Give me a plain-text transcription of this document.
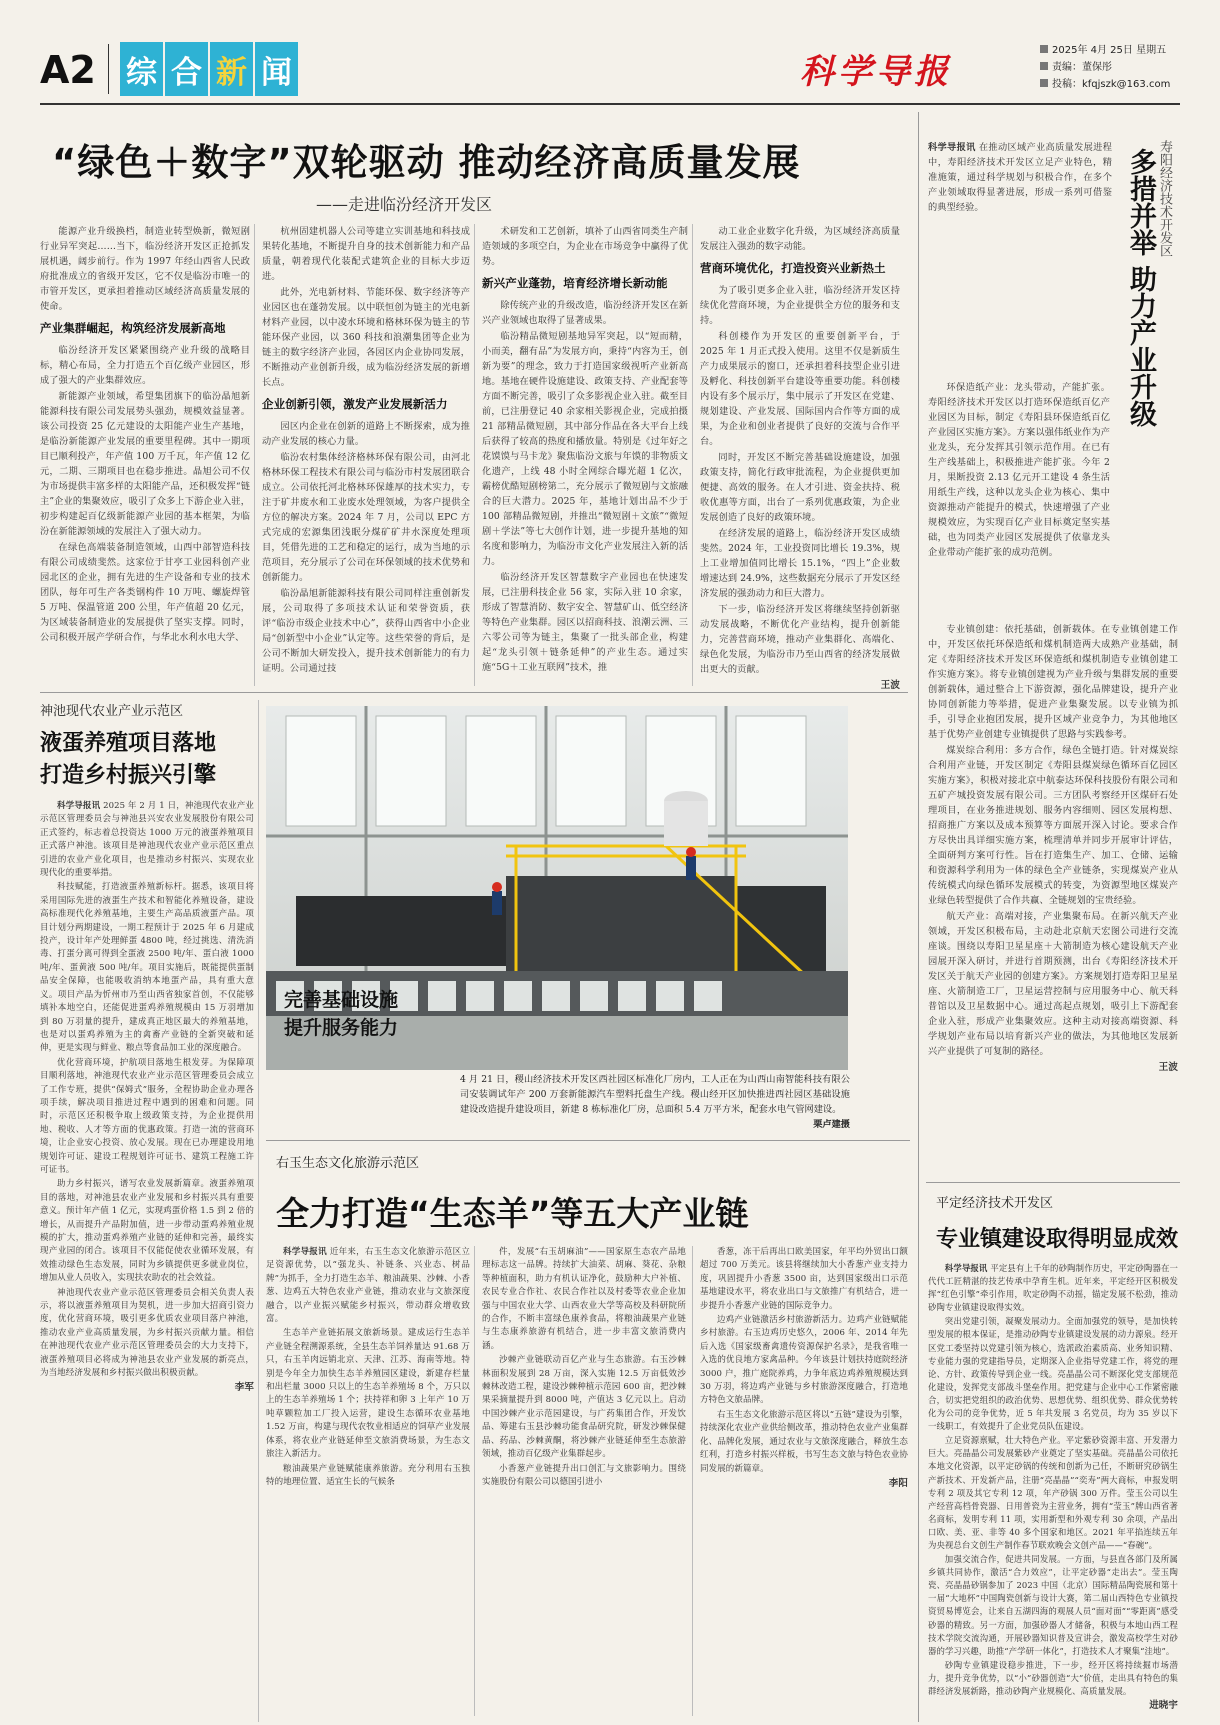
A2 综 合 新 闻	科学导报
2025年 4月 25日 星期五
责编：董保彤
投稿：kfqjszk@163.com
“绿色＋数字”双轮驱动 推动经济高质量发展
——走进临汾经济开发区

能源产业升级换档，制造业转型焕新，微短剧行业异军突起……当下，临汾经济开发区正抢抓发展机遇，阔步前行。作为 1997 年经山西省人民政府批准成立的省级开发区，它不仅是临汾市唯一的市管开发区，更承担着推动区域经济高质量发展的使命。

产业集群崛起，构筑经济发展新高地

临汾经济开发区紧紧围绕产业升级的战略目标，精心布局，全力打造五个百亿级产业园区，形成了强大的产业集群效应。

新能源产业领域，希望集团旗下的临汾晶旭新能源科技有限公司发展势头强劲，规模效益显著。该公司投资 25 亿元建设的太阳能产业生产基地，是临汾新能源产业发展的重要里程碑。其中一期项目已顺利投产，年产值 100 万千瓦，年产值 12 亿元，二期、三期项目也在稳步推进。晶旭公司不仅为市场提供丰富多样的太阳能产品，还积极发挥“链主”企业的集聚效应，吸引了众多上下游企业入驻，初步构建起百亿级新能源产业园的基本框架，为临汾在新能源领域的发展注入了强大动力。

在绿色高端装备制造领域，山西中部智造科技有限公司成绩斐然。这家位于甘亭工业园科创产业园北区的企业，拥有先进的生产设备和专业的技术团队，每年可生产各类钢构件 10 万吨、螺旋焊管 5 万吨、保温管道 200 公里，年产值超 20 亿元，为区域装备制造业的发展提供了坚实支撑。同时，公司积极开展产学研合作，与华北水利水电大学、

杭州固建机器人公司等建立实训基地和科技成果转化基地，不断提升自身的技术创新能力和产品质量，朝着现代化装配式建筑企业的目标大步迈进。

此外，光电新材料、节能环保、数字经济等产业园区也在蓬勃发展。以中联恒创为链主的光电新材料产业园，以中凌水环境和格林环保为链主的节能环保产业园，以 360 科技和浪潮集团等企业为链主的数字经济产业园，各园区内企业协同发展，不断推动产业创新升级，成为临汾经济发展的新增长点。

企业创新引领，激发产业发展新活力

园区内企业在创新的道路上不断探索，成为推动产业发展的核心力量。

临汾农村集体经济格林环保有限公司，由河北格林环保工程技术有限公司与临汾市村发展团联合成立。公司依托河北格林环保雄厚的技术实力，专注于矿井废水和工业废水处理领域，为客户提供全方位的解决方案。2024 年 7 月，公司以 EPC 方式完成的宏源集团浅眠分煤矿矿井水深度处理项目，凭借先进的工艺和稳定的运行，成为当地的示范项目，充分展示了公司在环保领域的技术优势和创新能力。

临汾晶旭新能源科技有限公司同样注重创新发展，公司取得了多项技术认证和荣誉资质，获评“临汾市级企业技术中心”，获得山西省中小企业局“创新型中小企业”认定等。这些荣誉的背后，是公司不断加大研发投入，提升技术创新能力的有力证明。公司通过技

术研发和工艺创新，填补了山西省同类生产制造领域的多项空白，为企业在市场竞争中赢得了优势。

新兴产业蓬勃，培育经济增长新动能

除传统产业的升级改造，临汾经济开发区在新兴产业领域也取得了显著成果。

临汾精品微短剧基地异军突起，以“短而精，小而美，翻有品”为发展方向，秉持“内容为王，创新为要”的理念，致力于打造国家级视听产业新高地。基地在硬件设施建设、政策支持、产业配套等方面不断完善，吸引了众多影视企业入驻。截至目前，已注册登记 40 余家相关影视企业，完成拍摄 21 部精品微短剧，其中部分作品在各大平台上线后获得了较高的热度和播放量。特别是《过年好之花馍馍与马卡龙》聚焦临汾文旅与年馍的非物质文化遗产，上线 48 小时全网综合曝光超 1 亿次，霸榜优酷短剧榜第二，充分展示了微短剧与文旅融合的巨大潜力。2025 年，基地计划出品不少于 100 部精品微短剧，并推出“微短剧＋文旅”“微短剧＋学法”等七大创作计划，进一步提升基地的知名度和影响力，为临汾市文化产业发展注入新的活力。

临汾经济开发区智慧数字产业园也在快速发展，已注册科技企业 56 家，实际入驻 10 余家，形成了智慧消防、数字安全、智慧矿山、低空经济等特色产业集群。园区以招商科技、浪潮云洲、三六零公司等为链主，集聚了一批头部企业，构建起“龙头引领＋链条延伸”的产业生态。通过实施“5G＋工业互联网”技术，推

动工业企业数字化升级，为区域经济高质量发展注入强劲的数字动能。

营商环境优化，打造投资兴业新热土

为了吸引更多企业入驻，临汾经济开发区持续优化营商环境，为企业提供全方位的服务和支持。

科创楼作为开发区的重要创新平台，于 2025 年 1 月正式投入使用。这里不仅是新质生产力成果展示的窗口，还承担着科技型企业引进及孵化、科技创新平台建设等重要功能。科创楼内设有多个展示厅，集中展示了开发区在党建、规划建设、产业发展、国际国内合作等方面的成果，为企业和创业者提供了良好的交流与合作平台。

同时，开发区不断完善基础设施建设，加强政策支持，简化行政审批流程，为企业提供更加便捷、高效的服务。在人才引进、资金扶持、税收优惠等方面，出台了一系列优惠政策，为企业发展创造了良好的政策环境。

在经济发展的道路上，临汾经济开发区成绩斐然。2024 年，工业投资同比增长 19.3%，规上工业增加值同比增长 15.1%，“四上”企业数增速达到 24.9%，这些数据充分展示了开发区经济发展的强劲动力和巨大潜力。

下一步，临汾经济开发区将继续坚持创新驱动发展战略，不断优化产业结构，提升创新能力，完善营商环境，推动产业集群化、高端化、绿色化发展，为临汾市乃至山西省的经济发展做出更大的贡献。

王波

科学导报讯 在推动区域产业高质量发展进程中，寿阳经济技术开发区立足产业特色，精准施策，通过科学规划与积极合作，在多个产业领域取得显著进展，形成一系列可借鉴的典型经验。	寿阳经济技术开发区
多措并举 助力产业升级

环保造纸产业：龙头带动，产能扩张。寿阳经济技术开发区以打造环保造纸百亿产业园区为目标，制定《寿阳县环保造纸百亿产业园区实施方案》。方案以强伟纸业作为产业龙头，充分发挥其引领示范作用。在已有生产线基础上，积极推进产能扩张。今年 2 月，果断投资 2.13 亿元开工建设 4 条生活用纸生产线，这种以龙头企业为核心、集中资源推动产能提升的模式，快速增强了产业规模效应，为实现百亿产业目标奠定坚实基础，也为同类产业园区发展提供了依靠龙头企业带动产能扩张的成功范例。

专业镇创建：依托基础，创新载体。在专业镇创建工作中，开发区依托环保造纸和煤机制造两大成熟产业基础，制定《寿阳经济技术开发区环保造纸和煤机制造专业镇创建工作实施方案》。将专业镇创建视为产业升级与集群发展的重要创新载体，通过整合上下游资源，强化品牌建设，提升产业协同创新能力等举措，促进产业集聚发展。以专业镇为抓手，引导企业抱团发展，提升区域产业竞争力，为其他地区基于优势产业创建专业镇提供了思路与实践参考。

煤炭综合利用：多方合作，绿色全链打造。针对煤炭综合利用产业链，开发区制定《寿阳县煤炭绿色循环百亿园区实施方案》，积极对接北京中航泰达环保科技股份有限公司和五矿产城投资发展有限公司。三方团队考察经开区煤矸石处理项目，在业务推进规划、服务内容细则、园区发展构想、招商推广方案以及成本预算等方面展开深入讨论。要求合作方尽快出具详细实施方案，梳理清单并同步开展审计评估，全面研判方案可行性。旨在打造集生产、加工、仓储、运输和资源科学利用为一体的绿色全产业链条，实现煤炭产业从传统模式向绿色循环发展模式的转变，为资源型地区煤炭产业绿色转型提供了合作共赢、全链规划的宝贵经验。

航天产业：高端对接，产业集聚布局。在新兴航天产业领域，开发区积极布局，主动赴北京航天宏图公司进行交流座谈。围绕以寿阳卫星星座＋大箭制造为核心建设航天产业园展开深入研讨，并进行首期预测，出台《寿阳经济技术开发区关于航天产业园的创建方案》。方案规划打造寿阳卫星星座、火箭制造工厂，卫星运营控制与应用服务中心、航天科普馆以及卫星数据中心。通过高起点规划，吸引上下游配套企业入驻，形成产业集聚效应。这种主动对接高端资源、科学规划产业布局以培育新兴产业的做法，为其他地区发展新兴产业提供了可复制的路径。

王波
平定经济技术开发区
专业镇建设取得明显成效

科学导报讯 平定县有上千年的砂陶制作历史，平定砂陶器在一代代工匠精湛的技艺传承中孕育生机。近年来，平定经开区积极发挥“红色引擎”牵引作用，吹定砂陶不动摇，锚定发展不松劲，推动砂陶专业镇建设取得实效。

突出党建引领，凝聚发展动力。全面加强党的领导，是加快转型发展的根本保证，是推动砂陶专业镇建设发展的动力源泉。经开区党工委坚持以党建引领为核心，选派政治素质高、业务知识精、专业能力强的党建指导员，定期深入企业指导党建工作，将党的理论、方针、政策传导到企业一线。亮晶晶公司不断深化党支部规范化建设，发挥党支部战斗堡垒作用。把党建与企业中心工作紧密融合，切实把党组织的政治优势、思想优势、组织优势、群众优势转化为公司的竞争优势，近 5 年共发展 3 名党员，均为 35 岁以下一线职工，有效提升了企业党员队伍建设。

立足资源禀赋，壮大特色产业。平定紫砂资源丰富、开发潜力巨大。亮晶晶公司发展紫砂产业奠定了坚实基础。亮晶晶公司依托本地文化资源，以平定砂锅的传统和创新为己任，不断研究砂锅生产新技术、开发新产品，注册“亮晶晶”“奕寿”两大商标，申报发明专利 2 项及其它专利 12 项，年产砂锅 300 万件。莹玉公司以生产经营高档骨瓷器、日用普瓷为主营业务，拥有“莹玉”牌山西省著名商标，发明专利 11 项，实用新型和外观专利 30 余项，产品出口欧、美、亚、非等 40 多个国家和地区。2021 年平掐连续五年为央视总台文创生产制作春节联欢晚会文创产品——“春碗”。

加强交流合作，促进共同发展。一方面，与县直各部门及所属乡镇共同协作，激活“合力效应”，让平定砂器“走出去”。莹玉陶瓷、亮晶晶砂锅参加了 2023 中国（北京）国际精品陶瓷展和第十一届“大地杯”中国陶瓷创新与设计大赛，第二届山西特色专业镇投资贸易博览会，让来自五湖四海的观展人员“面对面”“零距离”感受砂器的精致。另一方面，加强砂器人才储备，积极与本地山西工程技术学院交流沟通，开展砂器知识普及宣讲会，激发高校学生对砂器的学习兴趣，助推“产学研一体化”，打造技术人才聚集“洼地”。

砂陶专业镇建设稳步推进，下一步，经开区将持续掘市场潜力，提升竞争优势，以“小”砂器创造“大”价值，走出具有特色的集群经济发展新路，推动砂陶产业规模化、高质量发展。

进晓宇
神池现代农业产业示范区
液蛋养殖项目落地
打造乡村振兴引擎

科学导报讯 2025 年 2 月 1 日，神池现代农业产业示范区管理委员会与神池县兴安农业发展股份有限公司正式签约，标志着总投资达 1000 万元的液蛋养殖项目正式落户神池。该项目是神池现代农业产业示范区重点引进的农业产业化项目，也是推动乡村振兴、实现农业现代化的重要举措。

科技赋能，打造液蛋养殖新标杆。据悉，该项目将采用国际先进的液蛋生产技术和智能化养殖设备，建设高标准现代化养殖基地，主要生产高品质液蛋产品。项目计划分两期建设，一期工程预计于 2025 年 6 月建成投产，设计年产处理鲜蛋 4800 吨，经过挑选、清洗消毒、打蛋分离可得到全蛋液 2500 吨/年、蛋白液 1000 吨/年、蛋黄液 500 吨/年。项目实施后，既能提供蛋制品安全保障，也能吸收消纳本地蛋产品，具有重大意义。项目产品为忻州市乃至山西省独家首创，不仅能够填补本地空白，还能促进蛋鸡养殖规模由 15 万羽增加到 80 万羽量的提升，建成真正地区最大的养殖基地，也是对以蛋鸡养殖为主的禽畜产业链的全新突破和延伸，更是实现与鲜业、粮点等食品加工业的深度融合。

优化营商环境，护航项目落地生根发芽。为保障项目顺利落地，神池现代农业产业示范区管理委员会成立了工作专班，提供“保姆式”服务，全程协助企业办理各项手续，解决项目推进过程中遇到的困难和问题。同时，示范区还积极争取上级政策支持，为企业提供用地、税收、人才等方面的优惠政策。打造一流的营商环境，让企业安心投资、放心发展。现在已办理建设用地规划许可证、建设工程规划许可证书、建筑工程施工许可证书。

助力乡村振兴，谱写农业发展新篇章。液蛋养殖项目的落地，对神池县农业产业发展和乡村振兴具有重要意义。预计年产值 1 亿元，实现鸡蛋价格 1.5 到 2 倍的增长，从而提升产品附加值，进一步带动蛋鸡养殖业规模的扩大，推动蛋鸡养殖产业链的延伸和完善，最终实现产业园的闭合。该项目不仅能促使农业循环发展，有效推动绿色生态发展，同时为乡镇提供更多就业岗位，增加从业人员收入，实现扶农助农的社会效益。

神池现代农业产业示范区管理委员会相关负责人表示，将以液蛋养殖项目为契机，进一步加大招商引资力度，优化营商环境，吸引更多优质农业项目落户神池，推动农业产业高质量发展，为乡村振兴贡献力量。相信在神池现代农业产业示范区管理委员会的大力支持下，液蛋养殖项目必将成为神池县农业产业发展的新亮点，为当地经济发展和乡村振兴做出积极贡献。

李军
完善基础设施
提升服务能力
4 月 21 日，稷山经济技术开发区西社园区标准化厂房内，工人正在为山西山南智能科技有限公司安装调试年产 200 万套新能源汽车塑料托盘生产线。稷山经开区加快推进西社园区基础设施建设改造提升建设项目，新建 8 栋标准化厂房，总面积 5.4 万平方米，配套水电气管网建设。
栗卢建摄
右玉生态文化旅游示范区
全力打造“生态羊”等五大产业链

科学导报讯 近年来，右玉生态文化旅游示范区立足资源优势，以“强龙头、补链条、兴业态、树品牌”为抓手，全力打造生态羊、粮油蔬果、沙棘、小香葱、边鸡五大特色农业产业链，推动农业与文旅深度融合，以产业振兴赋能乡村振兴，带动群众增收致富。

生态羊产业链拓展文旅新场景。建成运行生态羊产业链全程溯源系统，全县生态羊饲养量达 91.68 万只，右玉羊肉远销北京、天津、江苏、海南等地。特别是今年全力加快生态羊养殖园区建设，新建存栏量和出栏量 3000 只以上的生态羊养殖场 8 个，万只以上的生态羊养殖场 1 个；扶持祥和卵 3 上年产 10 万吨草颗粒加工厂投入运营，建设生态循环农业基地 1.52 万亩，构建与现代农牧业相适应的饲草产业发展体系，将农业产业链延伸至文旅消费场景，为生态文旅注入新活力。

粮油蔬果产业链赋能康养旅游。充分利用右玉独特的地理位置、适宜生长的气候条

件，发展“右玉胡麻油”——国家原生态农产品地理标志这一品牌。持续扩大油菜、胡麻、葵花、杂粮等种植面积，助力有机认证净化，鼓励种大户补植、农民专业合作社、农民合作社以及村委等农业企业加强与中国农业大学、山西农业大学等高校及科研院所的合作，不断丰富绿色康养食品，将粮油蔬果产业链与生态康养旅游有机结合，进一步丰富文旅消费内涵。

沙棘产业链联动百亿产业与生态旅游。右玉沙棘林面积发展到 28 万亩，深入实施 12.5 万亩低效沙棘林改造工程，建设沙棘种植示范园 600 亩，把沙棘果采摘量提升到 8000 吨，产值达 3 亿元以上。启动中国沙棘产业示范园建设，与广药集团合作，开发饮品、筹建右玉县沙棘功能食品研究院，研发沙棘保健品、药品、沙棘黄酮，将沙棘产业链延伸至生态旅游领域，推动百亿级产业集群起步。

小香葱产业链提升出口创汇与文旅影响力。围绕实施股份有限公司以德国引进小

香葱，冻干后再出口欧美国家，年平均外贸出口额超过 700 万美元。该县将继续加大小香葱产业支持力度，巩固提升小香葱 3500 亩，达到国家级出口示范基地建设水平，将农业出口与文旅推广有机结合，进一步提升小香葱产业链的国际竞争力。

边鸡产业链激活乡村旅游新活力。边鸡产业链赋能乡村旅游。右玉边鸡历史悠久，2006 年、2014 年先后入选《国家级畜禽遗传资源保护名录》，是我省唯一入选的优良地方家禽品种。今年该县计划扶持庭院经济 3000 户，推广庭院养鸡，力争年底边鸡养殖规模达到 30 万羽，将边鸡产业链与乡村旅游深度融合，打造地方特色文旅品牌。

右玉生态文化旅游示范区将以“五链”建设为引擎，持续深化农业产业供给侧改革，推动特色农业产业集群化、品牌化发展，通过农业与文旅深度融合，释放生态红利，打造乡村振兴样板，书写生态文旅与特色农业协同发展的新篇章。

李阳
